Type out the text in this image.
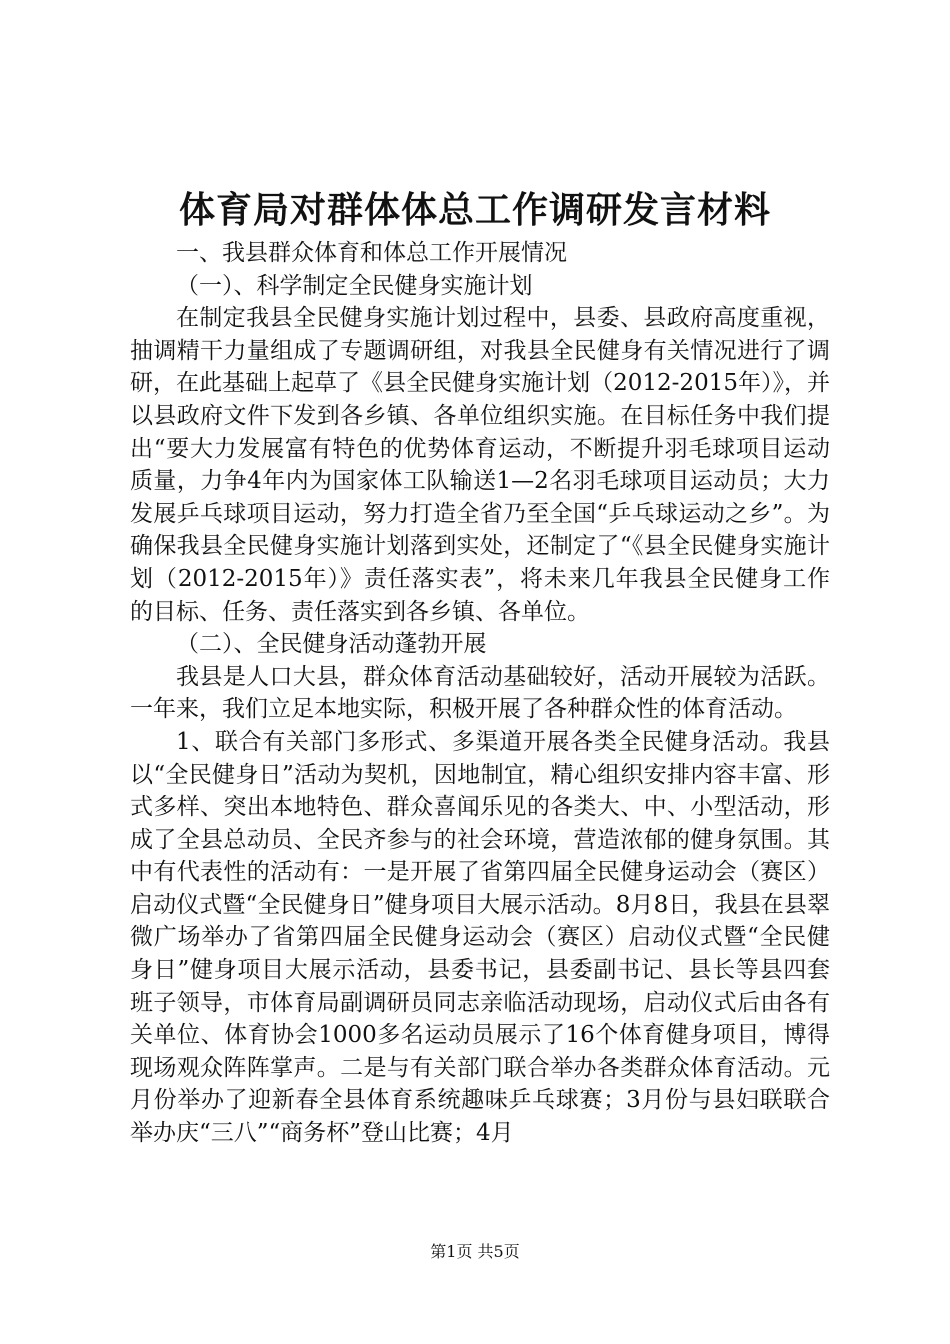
体育局对群体体总工作调研发言材料

一、我县群众体育和体总工作开展情况

（一）、科学制定全民健身实施计划

在制定我县全民健身实施计划过程中，县委、县政府高度重视，抽调精干力量组成了专题调研组，对我县全民健身有关情况进行了调研，在此基础上起草了《县全民健身实施计划（2012-2015年）》，并以县政府文件下发到各乡镇、各单位组织实施。在目标任务中我们提出“要大力发展富有特色的优势体育运动，不断提升羽毛球项目运动质量，力争4年内为国家体工队输送1—2名羽毛球项目运动员；大力发展乒乓球项目运动，努力打造全省乃至全国“乒乓球运动之乡”。为确保我县全民健身实施计划落到实处，还制定了“《县全民健身实施计划（2012-2015年）》责任落实表”，将未来几年我县全民健身工作的目标、任务、责任落实到各乡镇、各单位。

（二）、全民健身活动蓬勃开展

我县是人口大县，群众体育活动基础较好，活动开展较为活跃。一年来，我们立足本地实际，积极开展了各种群众性的体育活动。

1、联合有关部门多形式、多渠道开展各类全民健身活动。我县以“全民健身日”活动为契机，因地制宜，精心组织安排内容丰富、形式多样、突出本地特色、群众喜闻乐见的各类大、中、小型活动，形成了全县总动员、全民齐参与的社会环境，营造浓郁的健身氛围。其中有代表性的活动有：一是开展了省第四届全民健身运动会（赛区）启动仪式暨“全民健身日”健身项目大展示活动。8月8日，我县在县翠微广场举办了省第四届全民健身运动会（赛区）启动仪式暨“全民健身日”健身项目大展示活动，县委书记，县委副书记、县长等县四套班子领导，市体育局副调研员同志亲临活动现场，启动仪式后由各有关单位、体育协会1000多名运动员展示了16个体育健身项目，博得现场观众阵阵掌声。二是与有关部门联合举办各类群众体育活动。元月份举办了迎新春全县体育系统趣味乒乓球赛；3月份与县妇联联合举办庆“三八”“商务杯”登山比赛；4月

第1页 共5页
